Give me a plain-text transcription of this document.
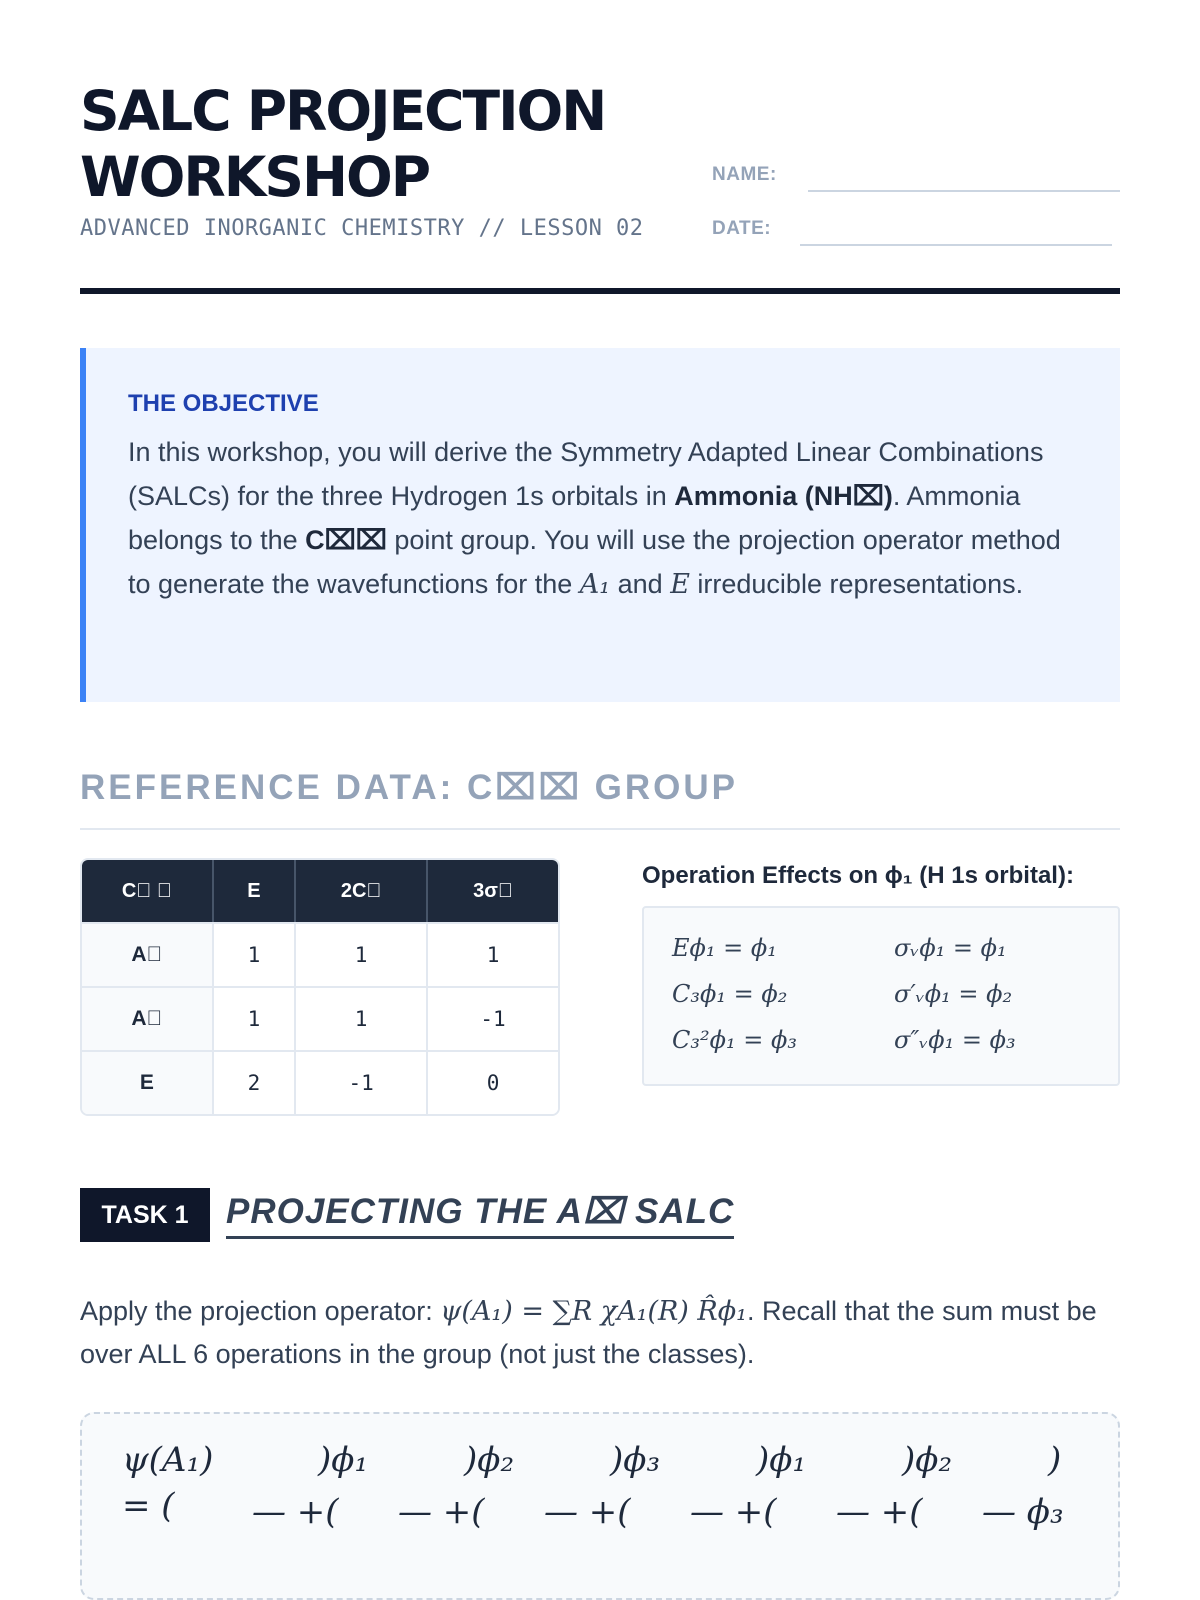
SALC PROJECTION
WORKSHOP
ADVANCED INORGANIC CHEMISTRY // LESSON 02
NAME:
DATE:
THE OBJECTIVE

In this workshop, you will derive the Symmetry Adapted Linear Combinations (SALCs) for the three Hydrogen 1s orbitals in Ammonia (NH⌧). Ammonia belongs to the C⌧⌧ point group. You will use the projection operator method to generate the wavefunctions for the A₁ and E irreducible representations.

REFERENCE DATA: C⌧⌧ GROUP
C⃞ ⃞	E	2C⃞	3σ⃞
A⃞	1	1	1
A⃞	1	1	-1
E	2	-1	0
Operation Effects on ϕ₁ (H 1s orbital):
Eϕ₁ = ϕ₁	σᵥϕ₁ = ϕ₁
C₃ϕ₁ = ϕ₂	σ′ᵥϕ₁ = ϕ₂
C₃²ϕ₁ = ϕ₃	σ″ᵥϕ₁ = ϕ₃
TASK 1	PROJECTING THE A⌧ SALC

Apply the projection operator: ψ(A₁) = ∑R χA₁(R) R̂ϕ₁. Recall that the sum must be over ALL 6 operations in the group (not just the classes).

ψ(A₁)
= (
)ϕ₁	)ϕ₂	)ϕ₃	)ϕ₁	)ϕ₂	)
— +( — +( — +( — +( — +( — ϕ₃
